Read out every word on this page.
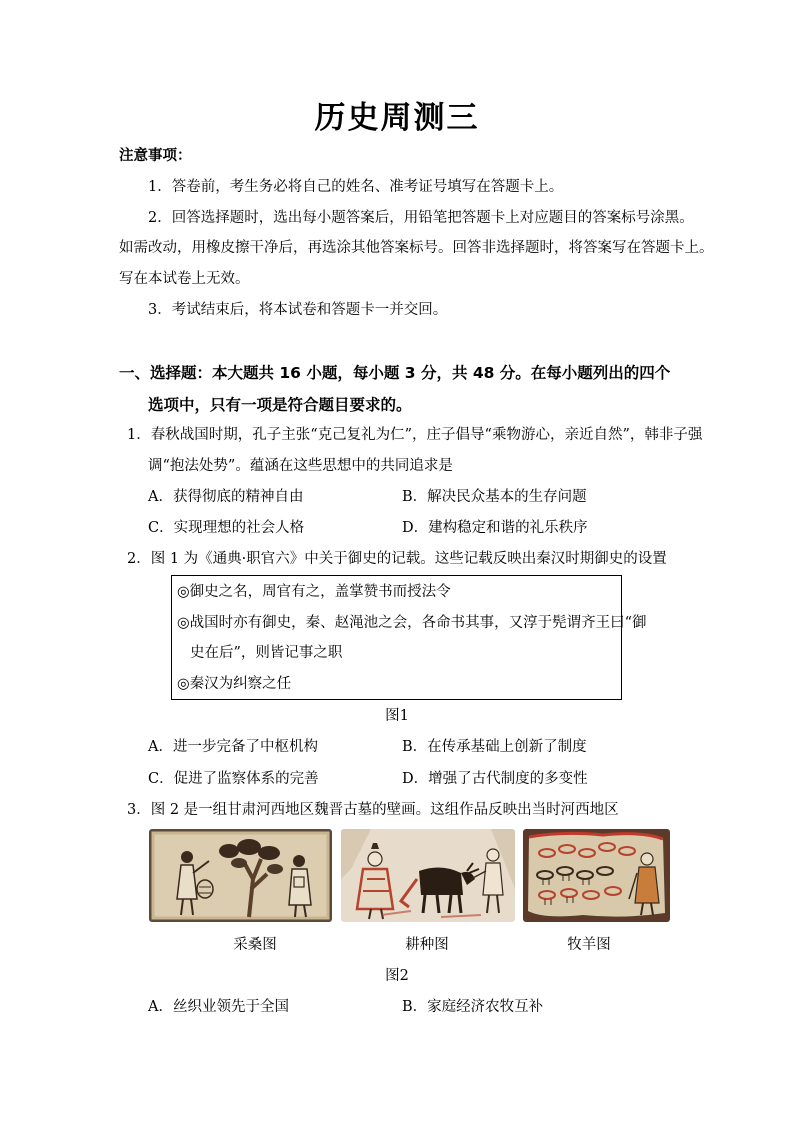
历史周测三
注意事项：
1．答卷前，考生务必将自己的姓名、准考证号填写在答题卡上。
2．回答选择题时，选出每小题答案后，用铅笔把答题卡上对应题目的答案标号涂黑。
如需改动，用橡皮擦干净后，再选涂其他答案标号。回答非选择题时，将答案写在答题卡上。
写在本试卷上无效。
3．考试结束后，将本试卷和答题卡一并交回。
一、选择题：本大题共 16 小题，每小题 3 分，共 48 分。在每小题列出的四个
选项中，只有一项是符合题目要求的。
1．春秋战国时期，孔子主张“克己复礼为仁”，庄子倡导“乘物游心，亲近自然”，韩非子强
调“抱法处势”。蕴涵在这些思想中的共同追求是
A．获得彻底的精神自由	B．解决民众基本的生存问题
C．实现理想的社会人格	D．建构稳定和谐的礼乐秩序
2．图 1 为《通典·职官六》中关于御史的记载。这些记载反映出秦汉时期御史的设置
◎御史之名，周官有之，盖掌赞书而授法令
◎战国时亦有御史，秦、赵渑池之会，各命书其事，又淳于髡谓齐王曰“御
史在后”，则皆记事之职
◎秦汉为纠察之任
图1
A．进一步完备了中枢机构	B．在传承基础上创新了制度
C．促进了监察体系的完善	D．增强了古代制度的多变性
3．图 2 是一组甘肃河西地区魏晋古墓的壁画。这组作品反映出当时河西地区
采桑图	耕种图	牧羊图
图2
A．丝织业领先于全国	B．家庭经济农牧互补
